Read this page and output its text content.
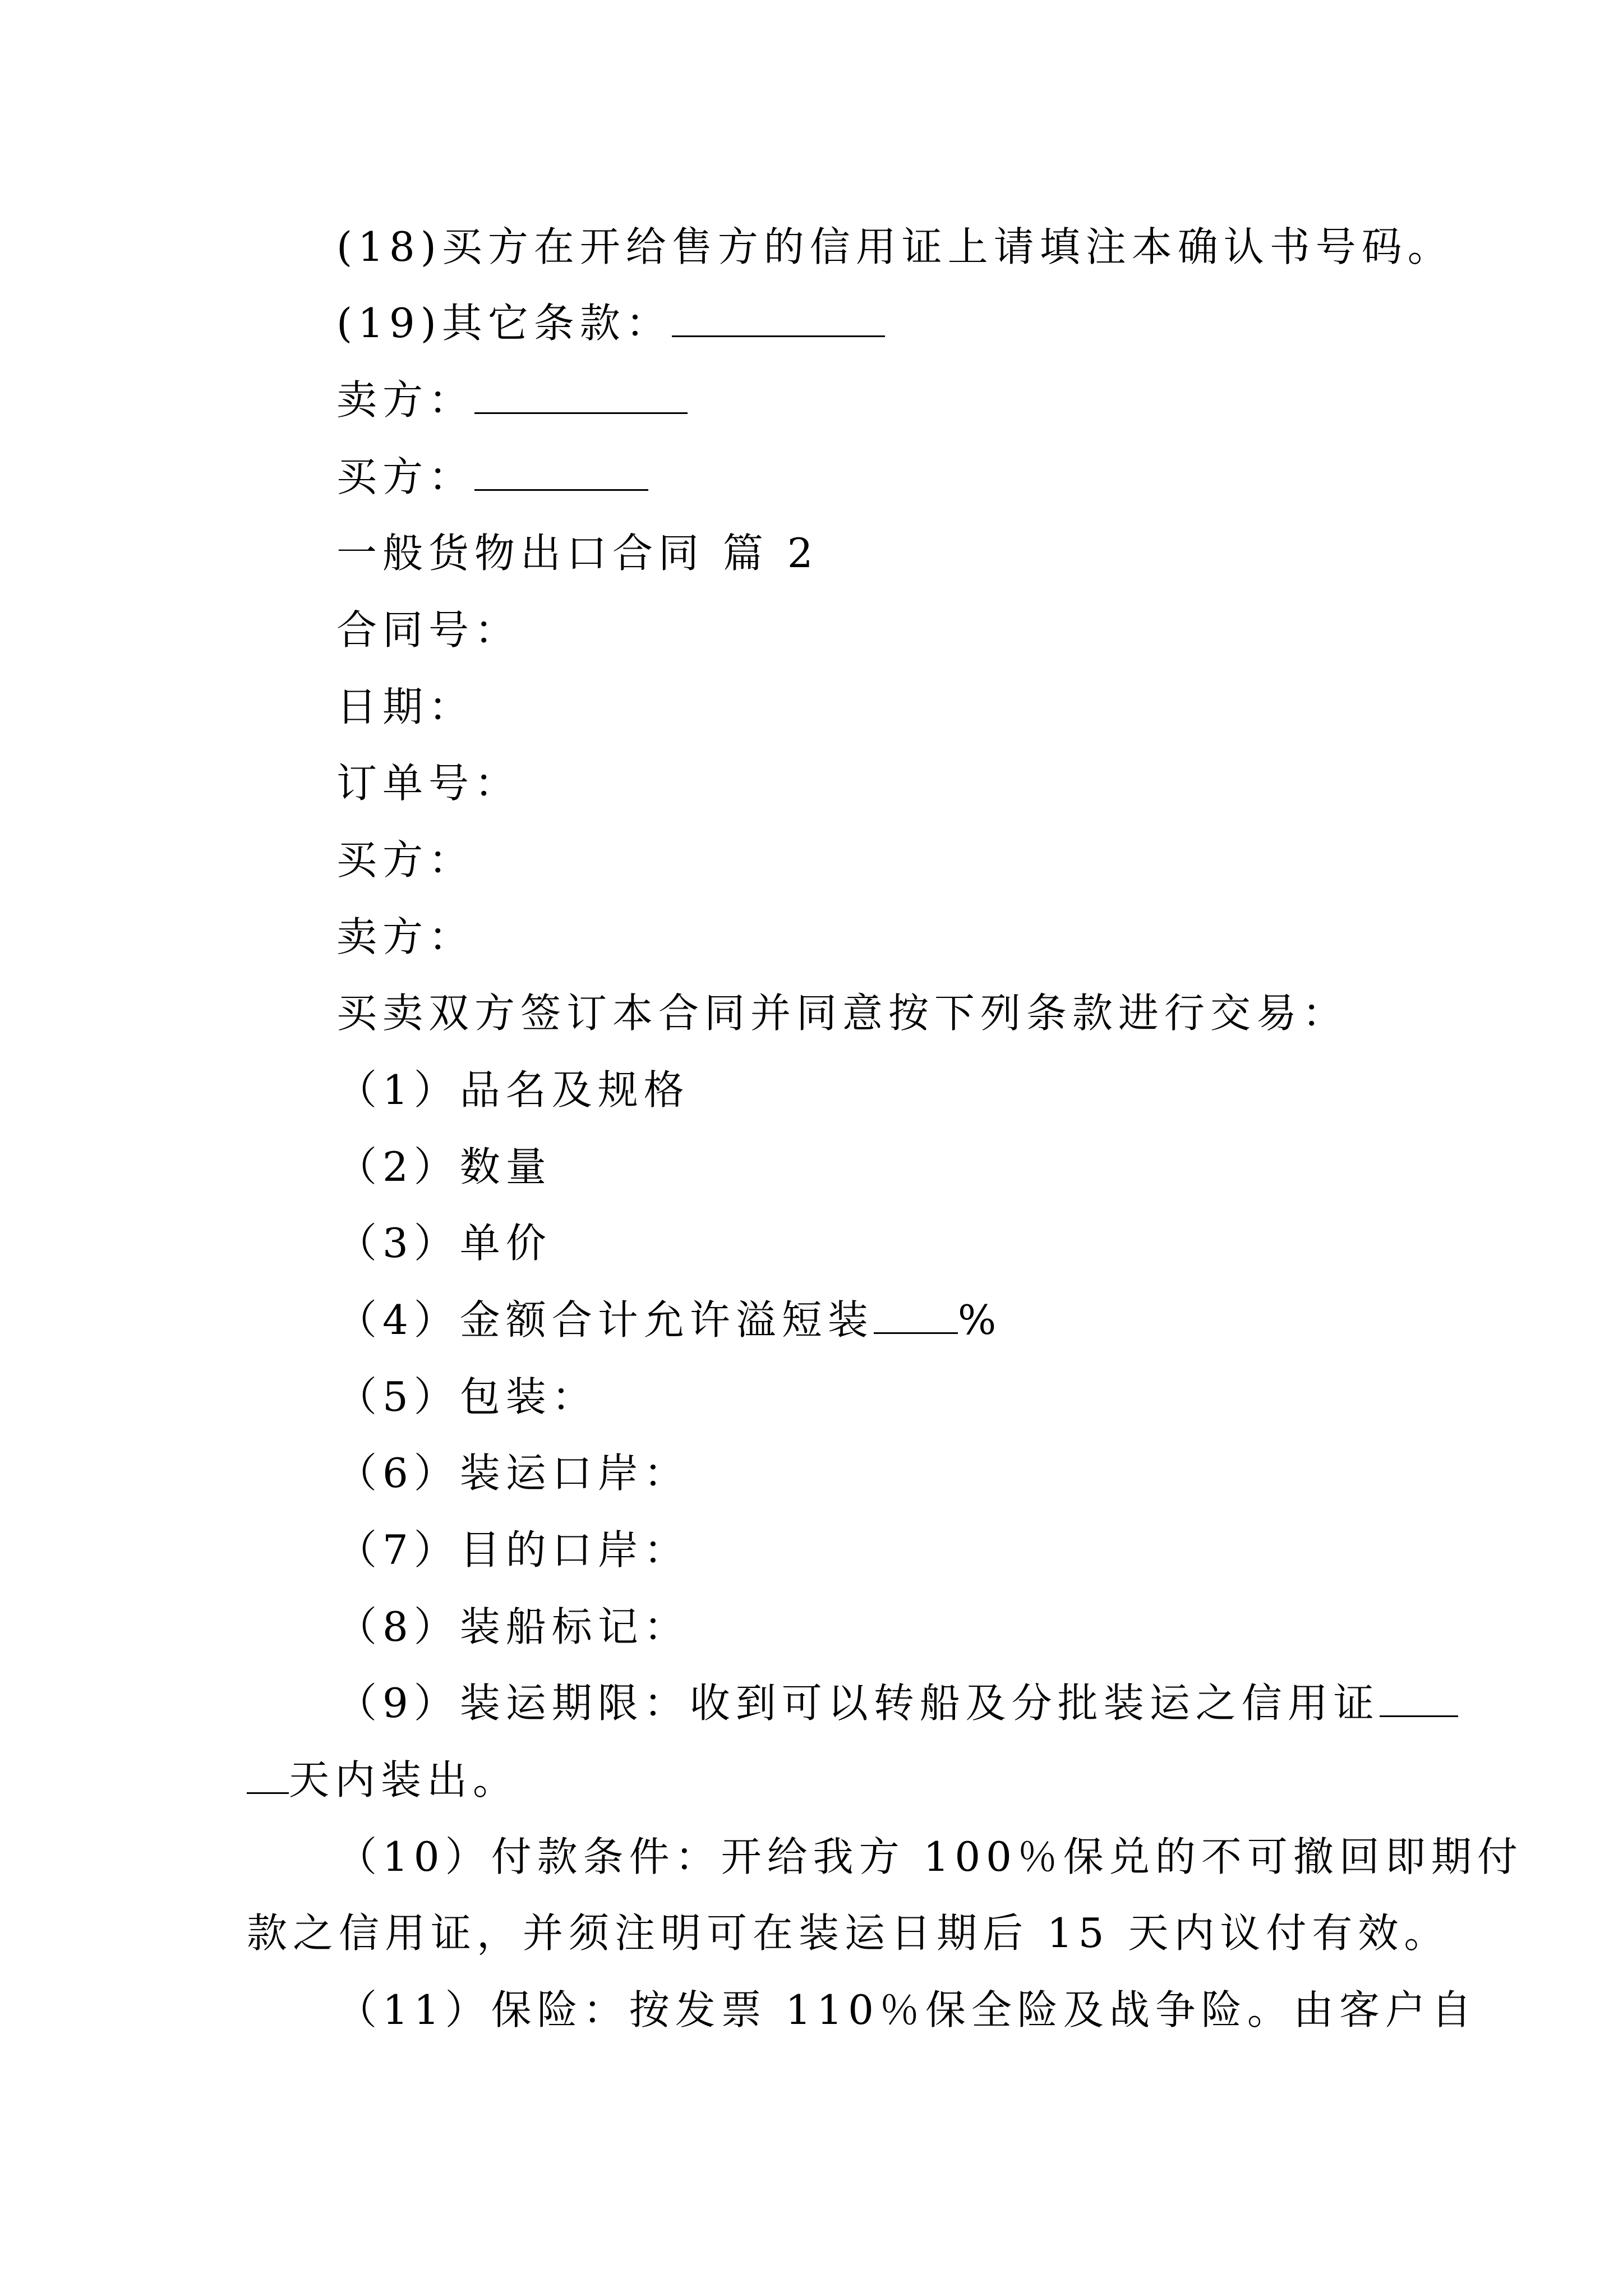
(18)买方在开给售方的信用证上请填注本确认书号码。
(19)其它条款：
卖方：
买方：
一般货物出口合同 篇 2
合同号：
日期：
订单号：
买方：
卖方：
买卖双方签订本合同并同意按下列条款进行交易：
（1）品名及规格
（2）数量
（3）单价
（4）金额合计允许溢短装 %
（5）包装：
（6）装运口岸：
（7）目的口岸：
（8）装船标记：
（9）装运期限：收到可以转船及分批装运之信用证
天内装出。
（10）付款条件：开给我方 100％保兑的不可撤回即期付
款之信用证，并须注明可在装运日期后 15 天内议付有效。
（11）保险：按发票 110％保全险及战争险。由客户自
